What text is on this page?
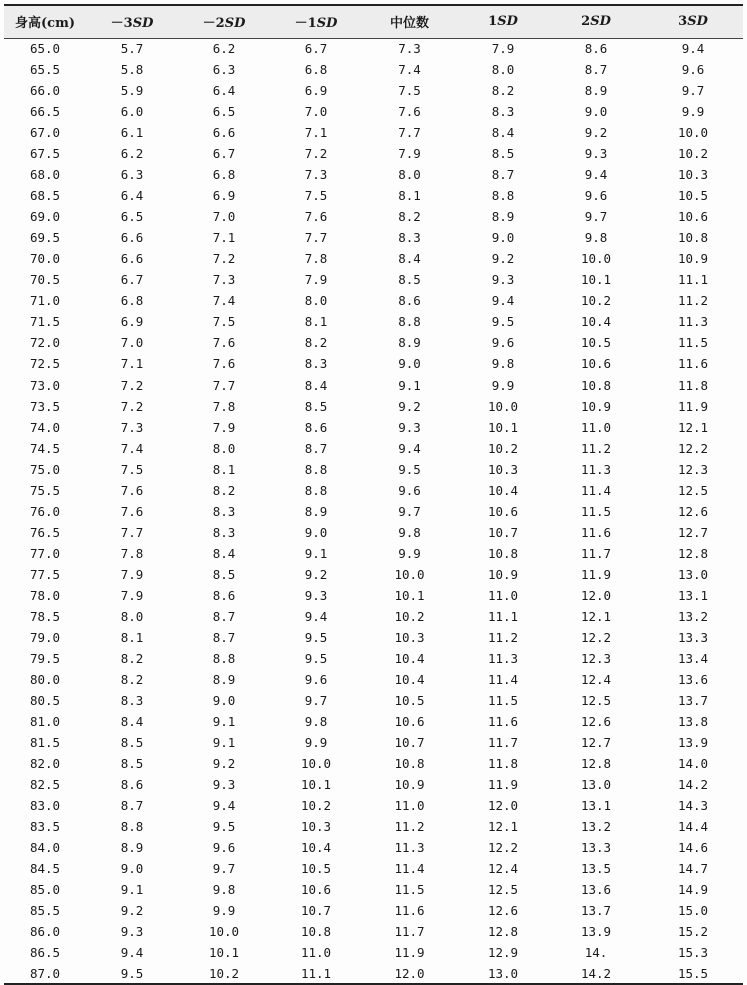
身高(cm)	－3SD	－2SD	－1SD	中位数	1SD	2SD	3SD
65.0	5.7	6.2	6.7	7.3	7.9	8.6	9.4
65.5	5.8	6.3	6.8	7.4	8.0	8.7	9.6
66.0	5.9	6.4	6.9	7.5	8.2	8.9	9.7
66.5	6.0	6.5	7.0	7.6	8.3	9.0	9.9
67.0	6.1	6.6	7.1	7.7	8.4	9.2	10.0
67.5	6.2	6.7	7.2	7.9	8.5	9.3	10.2
68.0	6.3	6.8	7.3	8.0	8.7	9.4	10.3
68.5	6.4	6.9	7.5	8.1	8.8	9.6	10.5
69.0	6.5	7.0	7.6	8.2	8.9	9.7	10.6
69.5	6.6	7.1	7.7	8.3	9.0	9.8	10.8
70.0	6.6	7.2	7.8	8.4	9.2	10.0	10.9
70.5	6.7	7.3	7.9	8.5	9.3	10.1	11.1
71.0	6.8	7.4	8.0	8.6	9.4	10.2	11.2
71.5	6.9	7.5	8.1	8.8	9.5	10.4	11.3
72.0	7.0	7.6	8.2	8.9	9.6	10.5	11.5
72.5	7.1	7.6	8.3	9.0	9.8	10.6	11.6
73.0	7.2	7.7	8.4	9.1	9.9	10.8	11.8
73.5	7.2	7.8	8.5	9.2	10.0	10.9	11.9
74.0	7.3	7.9	8.6	9.3	10.1	11.0	12.1
74.5	7.4	8.0	8.7	9.4	10.2	11.2	12.2
75.0	7.5	8.1	8.8	9.5	10.3	11.3	12.3
75.5	7.6	8.2	8.8	9.6	10.4	11.4	12.5
76.0	7.6	8.3	8.9	9.7	10.6	11.5	12.6
76.5	7.7	8.3	9.0	9.8	10.7	11.6	12.7
77.0	7.8	8.4	9.1	9.9	10.8	11.7	12.8
77.5	7.9	8.5	9.2	10.0	10.9	11.9	13.0
78.0	7.9	8.6	9.3	10.1	11.0	12.0	13.1
78.5	8.0	8.7	9.4	10.2	11.1	12.1	13.2
79.0	8.1	8.7	9.5	10.3	11.2	12.2	13.3
79.5	8.2	8.8	9.5	10.4	11.3	12.3	13.4
80.0	8.2	8.9	9.6	10.4	11.4	12.4	13.6
80.5	8.3	9.0	9.7	10.5	11.5	12.5	13.7
81.0	8.4	9.1	9.8	10.6	11.6	12.6	13.8
81.5	8.5	9.1	9.9	10.7	11.7	12.7	13.9
82.0	8.5	9.2	10.0	10.8	11.8	12.8	14.0
82.5	8.6	9.3	10.1	10.9	11.9	13.0	14.2
83.0	8.7	9.4	10.2	11.0	12.0	13.1	14.3
83.5	8.8	9.5	10.3	11.2	12.1	13.2	14.4
84.0	8.9	9.6	10.4	11.3	12.2	13.3	14.6
84.5	9.0	9.7	10.5	11.4	12.4	13.5	14.7
85.0	9.1	9.8	10.6	11.5	12.5	13.6	14.9
85.5	9.2	9.9	10.7	11.6	12.6	13.7	15.0
86.0	9.3	10.0	10.8	11.7	12.8	13.9	15.2
86.5	9.4	10.1	11.0	11.9	12.9	14.	15.3
87.0	9.5	10.2	11.1	12.0	13.0	14.2	15.5
